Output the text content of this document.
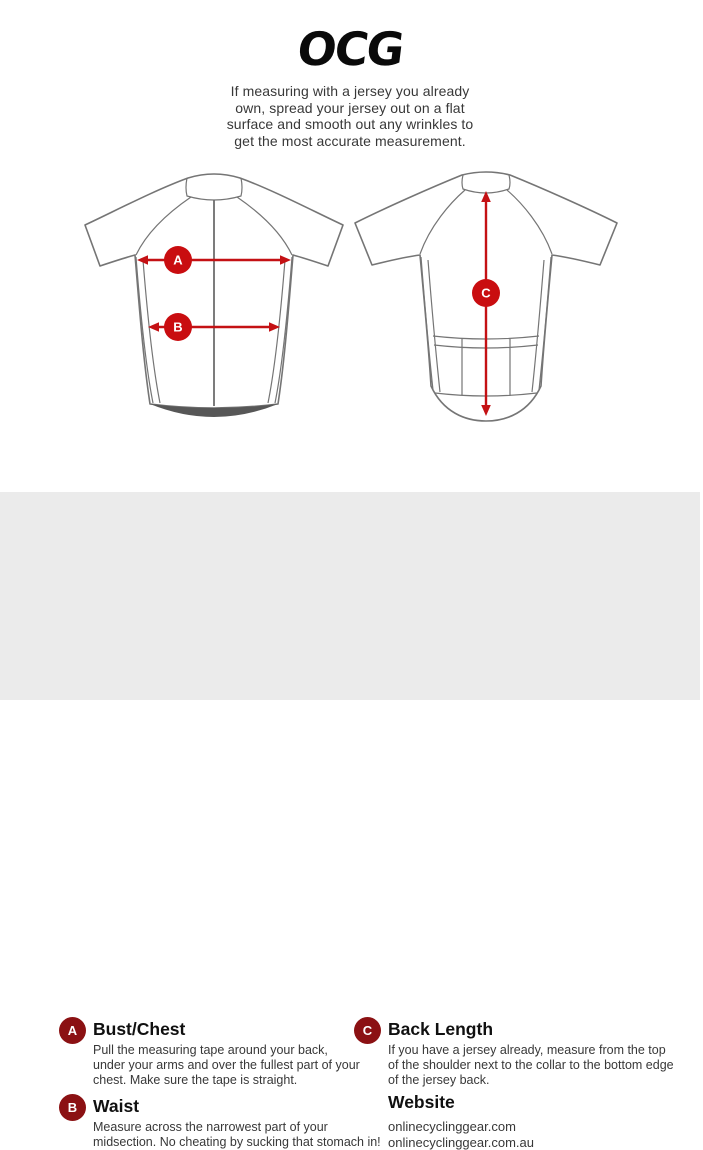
OCG
If measuring with a jersey you already
own, spread your jersey out on a flat
surface and smooth out any wrinkles to
get the most accurate measurement.
A
B
C
A Bust/Chest
Pull the measuring tape around your back,
under your arms and over the fullest part of your
chest. Make sure the tape is straight.
B Waist
Measure across the narrowest part of your
midsection. No cheating by sucking that stomach in!
C Back Length
If you have a jersey already, measure from the top
of the shoulder next to the collar to the bottom edge
of the jersey back.
Website
onlinecyclinggear.com
onlinecyclinggear.com.au
